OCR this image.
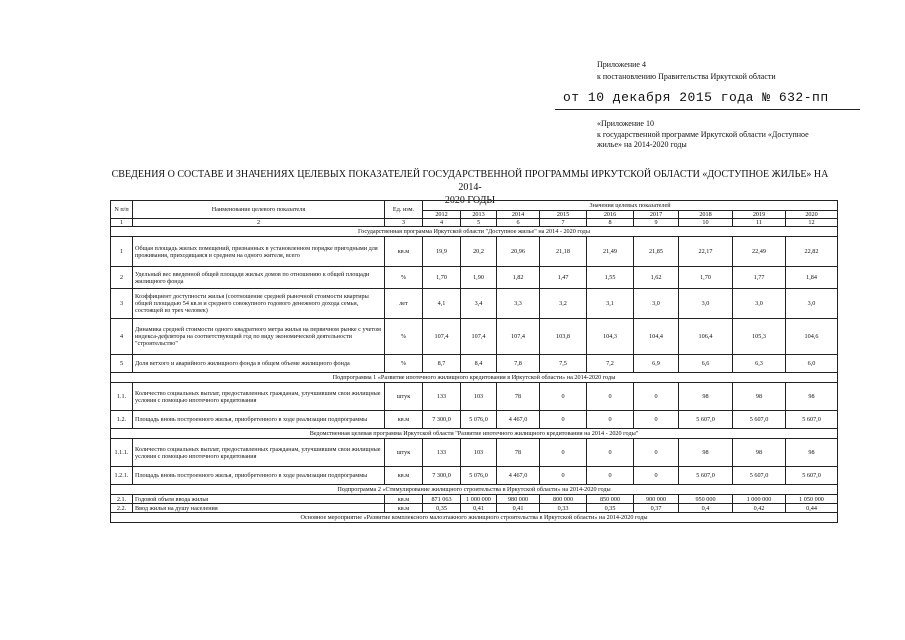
Приложение 4
к постановлению Правительства Иркутской области
от 10 декабря 2015 года № 632-пп
«Приложение 10
к государственной программе Иркутской области «Доступное
жилье» на 2014-2020 годы
СВЕДЕНИЯ О СОСТАВЕ И ЗНАЧЕНИЯХ ЦЕЛЕВЫХ ПОКАЗАТЕЛЕЙ ГОСУДАРСТВЕННОЙ ПРОГРАММЫ ИРКУТСКОЙ ОБЛАСТИ «ДОСТУПНОЕ ЖИЛЬЕ» НА 2014-
2020 ГОДЫ
N п/п	Наименование целевого показателя	Ед. изм.	Значения целевых показателей								
			2012	2013	2014	2015	2016	2017	2018	2019	2020
1	2	3	4	5	6	7	8	9	10	11	12
Государственная программа Иркутской области "Доступное жилье" на 2014 - 2020 годы											
1	Общая площадь жилых помещений, признанных в установленном порядке пригодными для проживания, приходящаяся в среднем на одного жителя, всего	кв.м	19,9	20,2	20,96	21,18	21,49	21,85	22,17	22,49	22,82
2	Удельный вес введенной общей площади жилых домов по отношению к общей площади жилищного фонда	%	1,70	1,90	1,82	1,47	1,55	1,62	1,70	1,77	1,84
3	Коэффициент доступности жилья (соотношение средней рыночной стоимости квартиры общей площадью 54 кв.м и среднего совокупного годового денежного дохода семьи, состоящей из трех человек)	лет	4,1	3,4	3,3	3,2	3,1	3,0	3,0	3,0	3,0
4	Динамика средней стоимости одного квадратного метра жилья на первичном рынке с учетом индекса-дефлятора на соответствующий год по виду экономической деятельности "строительство"	%	107,4	107,4	107,4	103,8	104,3	104,4	106,4	105,3	104,6
5	Доля ветхого и аварийного жилищного фонда в общем объеме жилищного фонда	%	8,7	8,4	7,8	7,5	7,2	6,9	6,6	6,3	6,0
Подпрограмма 1 «Развитие ипотечного жилищного кредитования в Иркутской области» на 2014-2020 годы											
1.1.	Количество социальных выплат, предоставленных гражданам, улучшившим свои жилищные условия с помощью ипотечного кредитования	штук	133	103	78	0	0	0	98	98	98
1.2.	Площадь вновь построенного жилья, приобретенного в ходе реализации подпрограммы	кв.м	7 300,0	5 076,0	4 467,0	0	0	0	5 607,0	5 607,0	5 607,0
Ведомственная целевая программа Иркутской области "Развитие ипотечного жилищного кредитования на 2014 - 2020 годы"											
1.1.1.	Количество социальных выплат, предоставленных гражданам, улучшившим свои жилищные условия с помощью ипотечного кредитования	штук	133	103	78	0	0	0	98	98	98
1.2.1.	Площадь вновь построенного жилья, приобретенного в ходе реализации подпрограммы	кв.м	7 300,0	5 076,0	4 467,0	0	0	0	5 607,0	5 607,0	5 607,0
Подпрограмма 2 «Стимулирование жилищного строительства в Иркутской области» на 2014-2020 годы											
2.1.	Годовой объем ввода жилья	кв.м	871 063	1 000 000	980 000	800 000	850 000	900 000	950 000	1 000 000	1 050 000
2.2.	Ввод жилья на душу населения	кв.м	0,35	0,41	0,41	0,33	0,35	0,37	0,4	0,42	0,44
Основное мероприятие «Развитие комплексного малоэтажного жилищного строительства в Иркутской области» на 2014-2020 годы											
